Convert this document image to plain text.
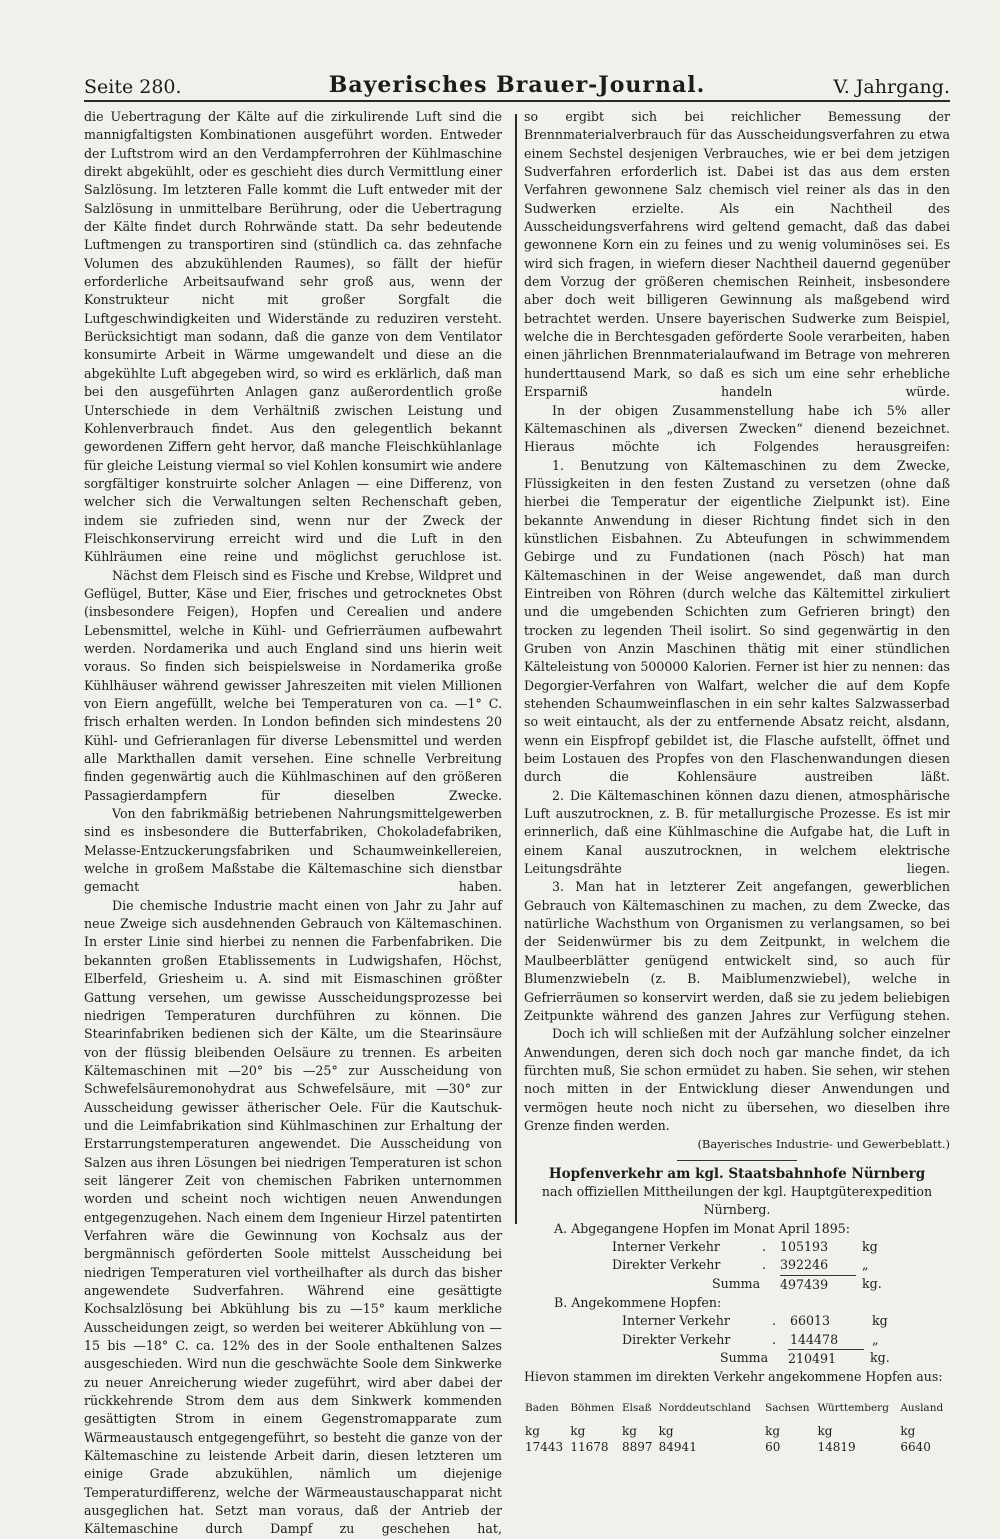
Seite 280.	Bayerisches Brauer-Journal.	V. Jahrgang.

die Uebertragung der Kälte auf die zirkulirende Luft sind die mannigfaltigsten Kombinationen ausgeführt worden. Entweder der Luftstrom wird an den Verdampferrohren der Kühlmaschine direkt abgekühlt, oder es geschieht dies durch Vermittlung einer Salzlösung. Im letzteren Falle kommt die Luft entweder mit der Salzlösung in unmittelbare Berührung, oder die Uebertragung der Kälte findet durch Rohrwände statt. Da sehr bedeutende Luftmengen zu transportiren sind (stündlich ca. das zehnfache Volumen des abzukühlenden Raumes), so fällt der hiefür erforderliche Arbeitsaufwand sehr groß aus, wenn der Konstrukteur nicht mit großer Sorgfalt die Luftgeschwindigkeiten und Widerstände zu reduziren versteht. Berücksichtigt man sodann, daß die ganze von dem Ventilator konsumirte Arbeit in Wärme umgewandelt und diese an die abgekühlte Luft abgegeben wird, so wird es erklärlich, daß man bei den ausgeführten Anlagen ganz außerordentlich große Unterschiede in dem Verhältniß zwischen Leistung und Kohlenverbrauch findet. Aus den gelegentlich bekannt gewordenen Ziffern geht hervor, daß manche Fleischkühlanlage für gleiche Leistung viermal so viel Kohlen konsumirt wie andere sorgfältiger konstruirte solcher Anlagen — eine Differenz, von welcher sich die Verwaltungen selten Rechenschaft geben, indem sie zufrieden sind, wenn nur der Zweck der Fleischkonservirung erreicht wird und die Luft in den Kühlräumen eine reine und möglichst geruchlose ist.

Nächst dem Fleisch sind es Fische und Krebse, Wildpret und Geflügel, Butter, Käse und Eier, frisches und getrocknetes Obst (insbesondere Feigen), Hopfen und Cerealien und andere Lebensmittel, welche in Kühl- und Gefrierräumen aufbewahrt werden. Nordamerika und auch England sind uns hierin weit voraus. So finden sich beispielsweise in Nordamerika große Kühlhäuser während gewisser Jahreszeiten mit vielen Millionen von Eiern angefüllt, welche bei Temperaturen von ca. —1° C. frisch erhalten werden. In London befinden sich mindestens 20 Kühl- und Gefrieranlagen für diverse Lebensmittel und werden alle Markthallen damit versehen. Eine schnelle Verbreitung finden gegenwärtig auch die Kühlmaschinen auf den größeren Passagierdampfern für dieselben Zwecke.

Von den fabrikmäßig betriebenen Nahrungsmittelgewerben sind es insbesondere die Butterfabriken, Chokoladefabriken, Melasse-Entzuckerungsfabriken und Schaumweinkellereien, welche in großem Maßstabe die Kältemaschine sich dienstbar gemacht haben.

Die chemische Industrie macht einen von Jahr zu Jahr auf neue Zweige sich ausdehnenden Gebrauch von Kältemaschinen. In erster Linie sind hierbei zu nennen die Farbenfabriken. Die bekannten großen Etablissements in Ludwigshafen, Höchst, Elberfeld, Griesheim u. A. sind mit Eismaschinen größter Gattung versehen, um gewisse Ausscheidungsprozesse bei niedrigen Temperaturen durchführen zu können. Die Stearinfabriken bedienen sich der Kälte, um die Stearinsäure von der flüssig bleibenden Oelsäure zu trennen. Es arbeiten Kältemaschinen mit —20° bis —25° zur Ausscheidung von Schwefelsäuremonohydrat aus Schwefelsäure, mit —30° zur Ausscheidung gewisser ätherischer Oele. Für die Kautschuk- und die Leimfabrikation sind Kühlmaschinen zur Erhaltung der Erstarrungstemperaturen angewendet. Die Ausscheidung von Salzen aus ihren Lösungen bei niedrigen Temperaturen ist schon seit längerer Zeit von chemischen Fabriken unternommen worden und scheint noch wichtigen neuen Anwendungen entgegenzugehen. Nach einem dem Ingenieur Hirzel patentirten Verfahren wäre die Gewinnung von Kochsalz aus der bergmännisch geförderten Soole mittelst Ausscheidung bei niedrigen Temperaturen viel vortheilhafter als durch das bisher angewendete Sudverfahren. Während eine gesättigte Kochsalzlösung bei Abkühlung bis zu —15° kaum merkliche Ausscheidungen zeigt, so werden bei weiterer Abkühlung von —15 bis —18° C. ca. 12% des in der Soole enthaltenen Salzes ausgeschieden. Wird nun die geschwächte Soole dem Sinkwerke zu neuer Anreicherung wieder zugeführt, wird aber dabei der rückkehrende Strom dem aus dem Sinkwerk kommenden gesättigten Strom in einem Gegenstromapparate zum Wärmeaustausch entgegengeführt, so besteht die ganze von der Kältemaschine zu leistende Arbeit darin, diesen letzteren um einige Grade abzukühlen, nämlich um diejenige Temperaturdifferenz, welche der Wärmeaustauschapparat nicht ausgeglichen hat. Setzt man voraus, daß der Antrieb der Kältemaschine durch Dampf zu geschehen hat,

so ergibt sich bei reichlicher Bemessung der Brennmaterialverbrauch für das Ausscheidungsverfahren zu etwa einem Sechstel desjenigen Verbrauches, wie er bei dem jetzigen Sudverfahren erforderlich ist. Dabei ist das aus dem ersten Verfahren gewonnene Salz chemisch viel reiner als das in den Sudwerken erzielte. Als ein Nachtheil des Ausscheidungsverfahrens wird geltend gemacht, daß das dabei gewonnene Korn ein zu feines und zu wenig voluminöses sei. Es wird sich fragen, in wiefern dieser Nachtheil dauernd gegenüber dem Vorzug der größeren chemischen Reinheit, insbesondere aber doch weit billigeren Gewinnung als maßgebend wird betrachtet werden. Unsere bayerischen Sudwerke zum Beispiel, welche die in Berchtesgaden geförderte Soole verarbeiten, haben einen jährlichen Brennmaterialaufwand im Betrage von mehreren hunderttausend Mark, so daß es sich um eine sehr erhebliche Ersparniß handeln würde.

In der obigen Zusammenstellung habe ich 5% aller Kältemaschinen als „diversen Zwecken“ dienend bezeichnet. Hieraus möchte ich Folgendes herausgreifen:

1. Benutzung von Kältemaschinen zu dem Zwecke, Flüssigkeiten in den festen Zustand zu versetzen (ohne daß hierbei die Temperatur der eigentliche Zielpunkt ist). Eine bekannte Anwendung in dieser Richtung findet sich in den künstlichen Eisbahnen. Zu Abteufungen in schwimmendem Gebirge und zu Fundationen (nach Pösch) hat man Kältemaschinen in der Weise angewendet, daß man durch Eintreiben von Röhren (durch welche das Kältemittel zirkuliert und die umgebenden Schichten zum Gefrieren bringt) den trocken zu legenden Theil isolirt. So sind gegenwärtig in den Gruben von Anzin Maschinen thätig mit einer stündlichen Kälteleistung von 500000 Kalorien. Ferner ist hier zu nennen: das Degorgier-Verfahren von Walfart, welcher die auf dem Kopfe stehenden Schaumweinflaschen in ein sehr kaltes Salzwasserbad so weit eintaucht, als der zu entfernende Absatz reicht, alsdann, wenn ein Eispfropf gebildet ist, die Flasche aufstellt, öffnet und beim Lostauen des Propfes von den Flaschenwandungen diesen durch die Kohlensäure austreiben läßt.

2. Die Kältemaschinen können dazu dienen, atmosphärische Luft auszutrocknen, z. B. für metallurgische Prozesse. Es ist mir erinnerlich, daß eine Kühlmaschine die Aufgabe hat, die Luft in einem Kanal auszutrocknen, in welchem elektrische Leitungsdrähte liegen.

3. Man hat in letzterer Zeit angefangen, gewerblichen Gebrauch von Kältemaschinen zu machen, zu dem Zwecke, das natürliche Wachsthum von Organismen zu verlangsamen, so bei der Seidenwürmer bis zu dem Zeitpunkt, in welchem die Maulbeerblätter genügend entwickelt sind, so auch für Blumenzwiebeln (z. B. Maiblumenzwiebel), welche in Gefrierräumen so konservirt werden, daß sie zu jedem beliebigen Zeitpunkte während des ganzen Jahres zur Verfügung stehen.

Doch ich will schließen mit der Aufzählung solcher einzelner Anwendungen, deren sich doch noch gar manche findet, da ich fürchten muß, Sie schon ermüdet zu haben. Sie sehen, wir stehen noch mitten in der Entwicklung dieser Anwendungen und vermögen heute noch nicht zu übersehen, wo dieselben ihre Grenze finden werden.

(Bayerisches Industrie- und Gewerbeblatt.)

Hopfenverkehr am kgl. Staatsbahnhofe Nürnberg

nach offiziellen Mittheilungen der kgl. Hauptgüterexpedition Nürnberg.

A. Abgegangene Hopfen im Monat April 1895:

Interner Verkehr	.	105193	kg
Direkter Verkehr	.	392246	„
Summa	497439	kg.

B. Angekommene Hopfen:

Interner Verkehr	.	66013	kg
Direkter Verkehr	.	144478	„
Summa	210491	kg.

Hievon stammen im direkten Verkehr angekommene Hopfen aus:

Baden	Böhmen	Elsaß	Norddeutschland	Sachsen	Württemberg	Ausland
kg	kg	kg	kg	kg	kg	kg
17443	11678	8897	84941	60	14819	6640
